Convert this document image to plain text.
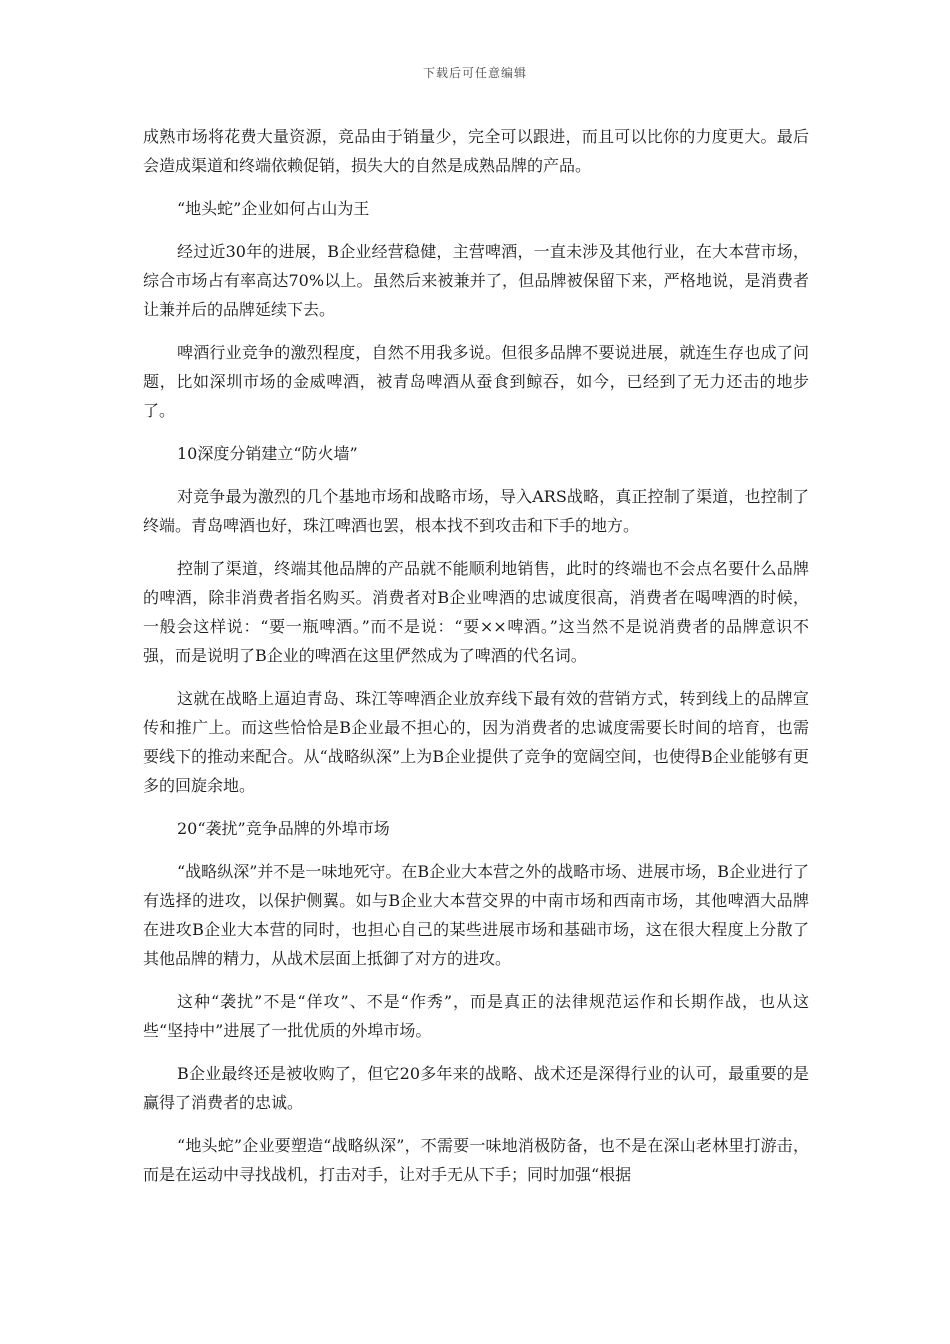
下载后可任意编辑

成熟市场将花费大量资源，竞品由于销量少，完全可以跟进，而且可以比你的力度更大。最后会造成渠道和终端依赖促销，损失大的自然是成熟品牌的产品。

“地头蛇”企业如何占山为王

经过近30年的进展，B企业经营稳健，主营啤酒，一直未涉及其他行业，在大本营市场，综合市场占有率高达70%以上。虽然后来被兼并了，但品牌被保留下来，严格地说，是消费者让兼并后的品牌延续下去。

啤酒行业竞争的激烈程度，自然不用我多说。但很多品牌不要说进展，就连生存也成了问题，比如深圳市场的金威啤酒，被青岛啤酒从蚕食到鲸吞，如今，已经到了无力还击的地步了。

10深度分销建立“防火墙”

对竞争最为激烈的几个基地市场和战略市场，导入ARS战略，真正控制了渠道，也控制了终端。青岛啤酒也好，珠江啤酒也罢，根本找不到攻击和下手的地方。

控制了渠道，终端其他品牌的产品就不能顺利地销售，此时的终端也不会点名要什么品牌的啤酒，除非消费者指名购买。消费者对B企业啤酒的忠诚度很高，消费者在喝啤酒的时候，一般会这样说：“要一瓶啤酒。”而不是说：“要××啤酒。”这当然不是说消费者的品牌意识不强，而是说明了B企业的啤酒在这里俨然成为了啤酒的代名词。

这就在战略上逼迫青岛、珠江等啤酒企业放弃线下最有效的营销方式，转到线上的品牌宣传和推广上。而这些恰恰是B企业最不担心的，因为消费者的忠诚度需要长时间的培育，也需要线下的推动来配合。从“战略纵深”上为B企业提供了竞争的宽阔空间，也使得B企业能够有更多的回旋余地。

20“袭扰”竞争品牌的外埠市场

“战略纵深”并不是一味地死守。在B企业大本营之外的战略市场、进展市场，B企业进行了有选择的进攻，以保护侧翼。如与B企业大本营交界的中南市场和西南市场，其他啤酒大品牌在进攻B企业大本营的同时，也担心自己的某些进展市场和基础市场，这在很大程度上分散了其他品牌的精力，从战术层面上抵御了对方的进攻。

这种“袭扰”不是“佯攻”、不是“作秀”，而是真正的法律规范运作和长期作战，也从这些“坚持中”进展了一批优质的外埠市场。

B企业最终还是被收购了，但它20多年来的战略、战术还是深得行业的认可，最重要的是赢得了消费者的忠诚。

“地头蛇”企业要塑造“战略纵深”，不需要一味地消极防备，也不是在深山老林里打游击，而是在运动中寻找战机，打击对手，让对手无从下手；同时加强“根据
